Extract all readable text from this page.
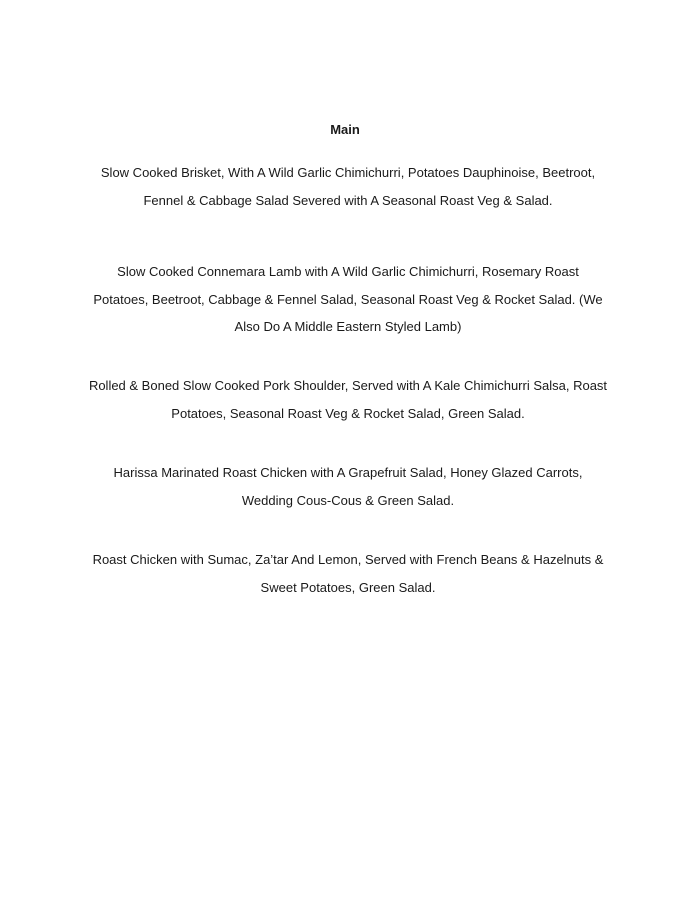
Main
Slow Cooked Brisket, With A Wild Garlic Chimichurri, Potatoes Dauphinoise, Beetroot,
Fennel & Cabbage Salad Severed with A Seasonal Roast Veg & Salad.
Slow Cooked Connemara Lamb with A Wild Garlic Chimichurri, Rosemary Roast
Potatoes, Beetroot, Cabbage & Fennel Salad, Seasonal Roast Veg & Rocket Salad. (We
Also Do A Middle Eastern Styled Lamb)
Rolled & Boned Slow Cooked Pork Shoulder, Served with A Kale Chimichurri Salsa, Roast
Potatoes, Seasonal Roast Veg & Rocket Salad, Green Salad.
Harissa Marinated Roast Chicken with A Grapefruit Salad, Honey Glazed Carrots,
Wedding Cous-Cous & Green Salad.
Roast Chicken with Sumac, Za’tar And Lemon, Served with French Beans & Hazelnuts &
Sweet Potatoes, Green Salad.
